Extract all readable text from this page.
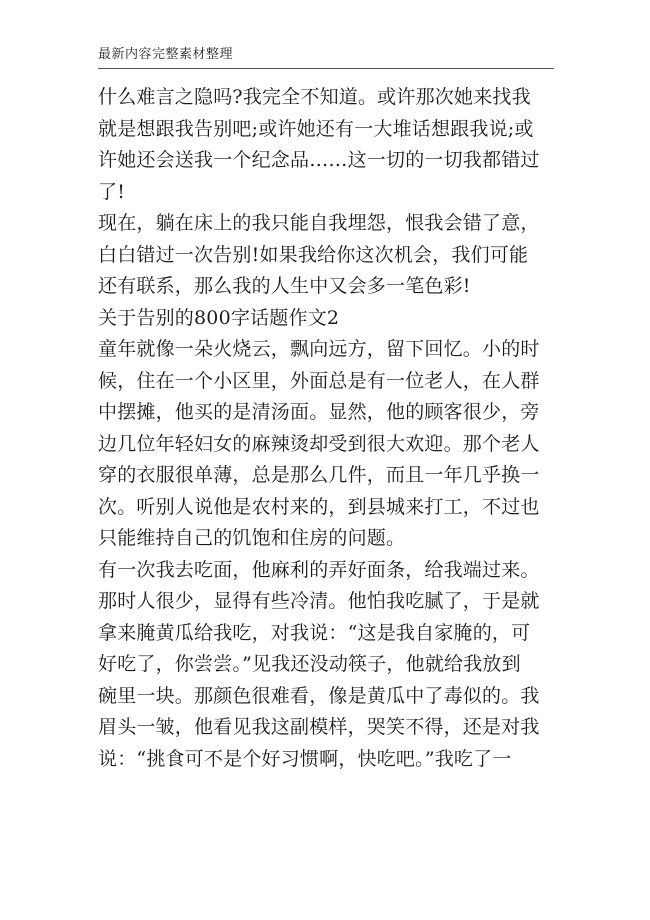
最新内容完整素材整理
什么难言之隐吗?我完全不知道。或许那次她来找我
就是想跟我告别吧;或许她还有一大堆话想跟我说;或
许她还会送我一个纪念品……这一切的一切我都错过
了!
现在，躺在床上的我只能自我埋怨，恨我会错了意，
白白错过一次告别!如果我给你这次机会，我们可能
还有联系，那么我的人生中又会多一笔色彩!
关于告别的800字话题作文2
童年就像一朵火烧云，飘向远方，留下回忆。小的时
候，住在一个小区里，外面总是有一位老人，在人群
中摆摊，他买的是清汤面。显然，他的顾客很少，旁
边几位年轻妇女的麻辣烫却受到很大欢迎。那个老人
穿的衣服很单薄，总是那么几件，而且一年几乎换一
次。听别人说他是农村来的，到县城来打工，不过也
只能维持自己的饥饱和住房的问题。
有一次我去吃面，他麻利的弄好面条，给我端过来。
那时人很少，显得有些冷清。他怕我吃腻了，于是就
拿来腌黄瓜给我吃，对我说：“这是我自家腌的，可
好吃了，你尝尝。”见我还没动筷子，他就给我放到
碗里一块。那颜色很难看，像是黄瓜中了毒似的。我
眉头一皱，他看见我这副模样，哭笑不得，还是对我
说：“挑食可不是个好习惯啊，快吃吧。”我吃了一
